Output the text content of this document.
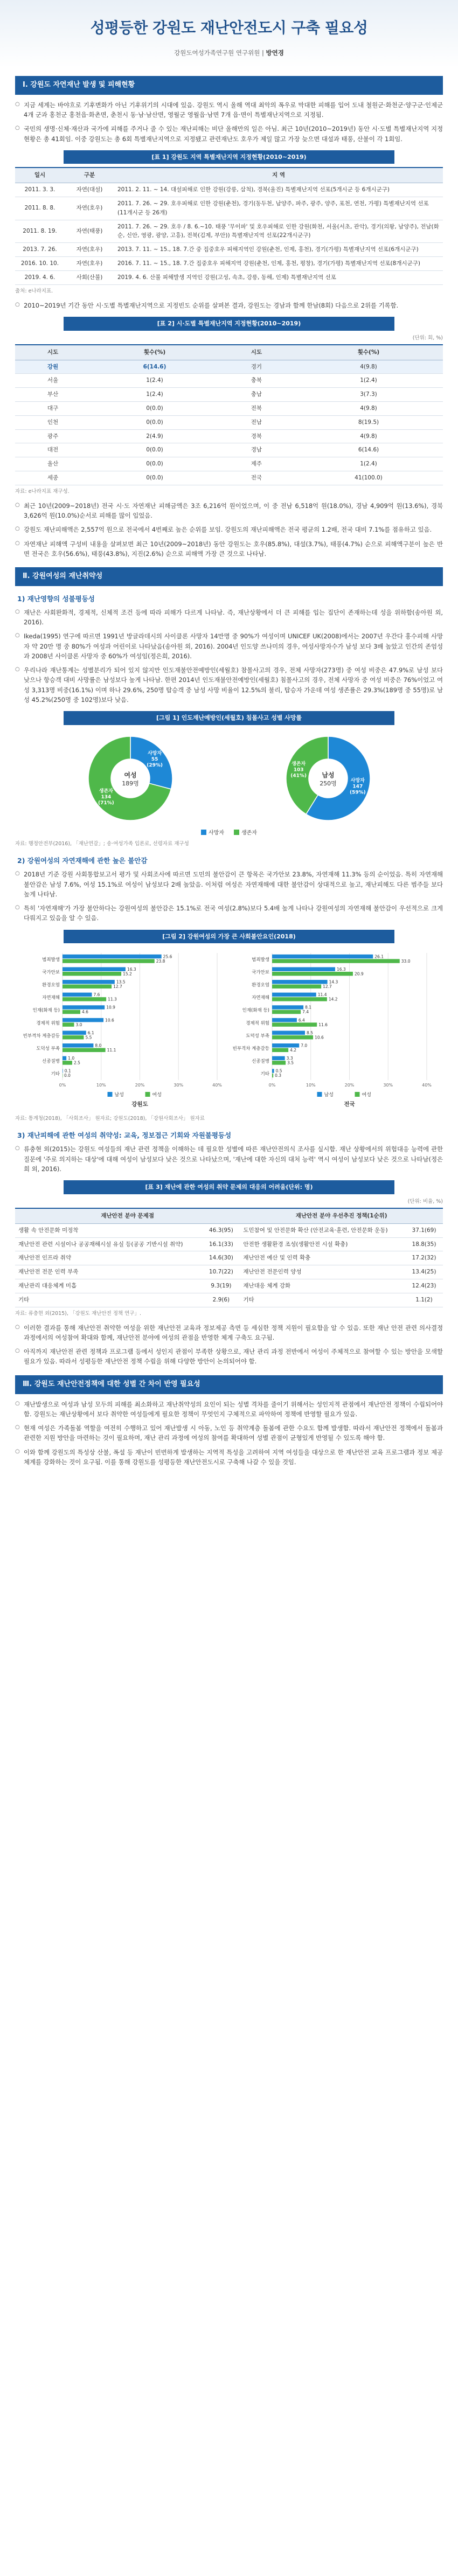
성평등한 강원도 재난안전도시 구축 필요성
강원도여성가족연구원 연구위원 | 방연경
Ⅰ. 강원도 자연재난 발생 및 피해현황
○ 지금 세계는 바야흐로 기후변화가 아닌 기후위기의 시대에 있음. 강원도 역시 올해 역대 최악의 폭우로 막대한 피해를 입어 도내 철원군·화천군·양구군·인제군 4개 군과 홍천군 홍천읍·화촌면, 춘천시 동·남·남산면, 영월군 영월읍·남면 7개 읍·면이 특별재난지역으로 지정됨.
○ 국민의 생명·신체·재산과 국가에 피해를 주거나 줄 수 있는 재난피해는 비단 올해만의 일은 아님. 최근 10년(2010~2019년) 동안 시·도별 특별재난지역 지정현황은 총 41회임. 이중 강원도는 총 6회 특별재난지역으로 지정됐고 관련재난도 호우가 제일 많고 가장 늦으면 대설과 태풍, 산불이 각 1회임.
[표 1] 강원도 지역 특별재난지역 지정현황(2010~2019)
일시	구분	지 역
2011. 3. 3.	자연(대설)	2011. 2. 11. ~ 14. 대설피해로 인한 강원(강릉, 삼척), 경북(울진) 특별재난지역 선포(5개시군 등 6개시군구)
2011. 8. 8.	자연(호우)	2011. 7. 26. ~ 29. 호우피해로 인한 강원(춘천), 경기(동두천, 남양주, 파주, 광주, 양주, 포천, 연천, 가평) 특별재난지역 선포 (11개시군 등 26개)
2011. 8. 19.	자연(태풍)	2011. 7. 26. ~ 29. 호우 / 8. 6.~10. 태풍 '무이파' 및 호우피해로 인한 강원(화천, 서울(서초, 관악), 경기(의왕, 남양주), 전남(화순, 신안, 영광, 광양, 고흥), 전북(김제, 부안)) 특별재난지역 선포(22개시군구)
2013. 7. 26.	자연(호우)	2013. 7. 11. ~ 15., 18. 7.간 중 집중호우 피해지역인 강원(춘천, 인제, 홍천), 경기(가평) 특별재난지역 선포(6개시군구)
2016. 10. 10.	자연(호우)	2016. 7. 11. ~ 15., 18. 7.간 집중호우 피해지역 강원(춘천, 인제, 홍천, 평창), 경기(가평) 특별재난지역 선포(8개시군구)
2019. 4. 6.	사회(산불)	2019. 4. 6. 산불 피해발생 지역인 강원(고성, 속초, 강릉, 동해, 인제) 특별재난지역 선포
출처: e나라지표.
○ 2010~2019년 기간 동안 시·도별 특별재난지역으로 지정빈도 순위를 살펴본 결과, 강원도는 경남과 함께 한남(8회) 다음으로 2위를 기록함.
[표 2] 시·도별 특별재난지역 지정현황(2010~2019)
(단위: 회, %)
시도	횟수(%)	시도	횟수(%)
강원	6(14.6)	경기	4(9.8)
서울	1(2.4)	충북	1(2.4)
부산	1(2.4)	충남	3(7.3)
대구	0(0.0)	전북	4(9.8)
인천	0(0.0)	전남	8(19.5)
광주	2(4.9)	경북	4(9.8)
대전	0(0.0)	경남	6(14.6)
울산	0(0.0)	제주	1(2.4)
세종	0(0.0)	전국	41(100.0)
자료: e나라지표 재구성.
○ 최근 10년(2009~2018년) 전국 시·도 자연재난 피해금액은 3조 6,216억 원이었으며, 이 중 전남 6,518억 원(18.0%), 경남 4,909억 원(13.6%), 경북 3,626억 원(10.0%)순서로 피해를 많이 입었음.
○ 강원도 재난피해액은 2,557억 원으로 전국에서 4번째로 높은 순위를 보임. 강원도의 재난피해액은 전국 평균의 1.2배, 전국 대비 7.1%를 점유하고 있음.
○ 자연재난 피해액 구성비 내용을 살펴보면 최근 10년(2009~2018년) 동안 강원도는 호우(85.8%), 대설(3.7%), 태풍(4.7%) 순으로 피해액구분이 높은 반면 전국은 호우(56.6%), 태풍(43.8%), 지진(2.6%) 순으로 피해액 가장 큰 것으로 나타남.
Ⅱ. 강원여성의 재난취약성
1) 재난영향의 성불평등성
○ 재난은 사회완화적, 경제적, 신체적 조건 등에 따라 피해가 다르게 나타남. 즉, 재난상황에서 더 큰 피해를 입는 집단이 존재하는데 성을 위하함(송아원 외, 2016).
○ Ikeda(1995) 연구에 따르면 1991년 방글라데시의 사이클론 사망자 14만명 중 90%가 여성이며 UNICEF UK(2008)에서는 2007년 우간다 홍수피해 사망자 약 20만 명 중 80%가 여성과 어린이로 나타났음(송아원 외, 2016). 2004년 인도양 쓰나미의 경우, 여성사망자수가 남성 보다 3배 높았고 인간의 존엄성과 2008년 사이클론 사망자 중 60%가 여성임(정은희, 2016).
○ 우리나라 재난통계는 성별분리가 되어 있지 않지만 인도재불안전예방인(세월호) 참몰사고의 경우, 전체 사망자(273명) 중 여성 비중은 47.9%로 남성 보다 낮으나 항승객 대비 사망률은 남성보다 높게 나타남. 한편 2014년 인도재불안전예방인(세월호) 침몰사고의 경우, 전체 사망자 중 여성 비중은 76%이었고 여성 3,313명 비중(16.1%) 이며 하나 29.6%, 250명 탑승객 중 남성 사망 비율이 12.5%의 불리, 탑승자 가운데 여성 생존률은 29.3%(189명 중 55명)로 남성 45.2%(250명 중 102명)보다 낮음.
[그림 1] 인도재난예방인(세월호) 침몰사고 성별 사망률
사망자
55
(29%)
생존자
134
(71%)
여성
189명	사망자
147
(59%)
생존자
103
(41%) 남성
250명
사망자	생존자
자료: 행정안전부(2016), 「재난연감」; 송·여성가족 입론로, 선령자료 재구성
2) 강원여성의 자연재해에 관한 높은 불안감
○ 2018년 기준 강원 사회통합보고서 평가 및 사회조사에 따르면 도민의 불안감이 큰 항목은 국가안보 23.8%, 자연재해 11.3% 등의 순이었음. 특히 자연재해 불안감은 남성 7.6%, 여성 15.1%로 여성이 남성보다 2배 높았음. 이처럼 여성은 자연재해에 대한 불안감이 상대적으로 높고, 재난피해도 다른 범주들 보다 높게 나타남.
○ 특히 '자연재해'가 가장 불안하다는 강원여성의 불안감은 15.1%로 전국 여성(2.8%)보다 5.4배 높게 나타나 강원여성의 자연재해 불안감이 우선적으로 크게 다뤄지고 있음을 알 수 있음.
[그림 2] 강원여성의 가장 큰 사회불안요인(2018)
0%	10%	20%	30%	40%
범죄발생
25.6
23.8
국가안보
16.3
15.2
환경오염
13.5
12.7
자연재해
7.6
11.3
인재(화재 등)
10.9
4.6
경제적 위험
10.6
3.0
빈부격차 계층갈등
6.1
5.5
도덕성 부족
8.0
11.1
신종질병
1.0
2.5
기타
0.1
0.0
남성	여성
강원도
0%	10%	20%	30%	40%
범죄발생
26.1
33.0
국가안보
16.3
20.9
환경오염
14.3
12.7
자연재해
11.4
14.2
인재(화재 등)
8.1
7.4
경제적 위험
6.4
11.6
도덕성 부족
8.5
10.6
빈부격차 계층갈등
7.0
4.2
신종질병
3.3
3.5
기타
0.5
0.3
남성	여성
전국
자료: 통계청(2018), 「사회조사」 원자료; 강원도(2018), 「강원사회조사」 원자료
3) 재난피해에 관한 여성의 취약성: 교육, 정보접근 기회와 자원불평등성
○ 류충현 외(2015)는 강원도 여성들의 재난 관련 정책을 이해하는 데 필요한 성별에 따른 재난안전의식 조사를 실시함. 재난 상황에서의 위험대응 능력에 관한 질문에 '주로 의지하는 대상'에 대해 여성이 남성보다 낮은 것으로 나타났으며, '재난에 대한 자신의 대처 능력' 역시 여성이 남성보다 낮은 것으로 나타남(정은희 외, 2016).
[표 3] 재난에 관한 여성의 취약 문제의 대응의 어려움(단위: 명)
(단위: 비율, %)
재난안전 분야 문제점		재난안전 분야 우선추진 정책(1순위)	
생활 속 안전문화 미정착	46.3(95)	도민참여 및 안전문화 확산 (안전교육·훈련, 안전문화 운동)	37.1(69)
재난안전 관련 시설이나 공공재해시설 유실 등(공공 기반시설 취약)	16.1(33)	안전한 생활환경 조성(생활안전 시설 확충)	18.8(35)
재난안전 인프라 취약	14.6(30)	재난안전 예산 및 인력 확충	17.2(32)
재난안전 전문 인력 부족	10.7(22)	재난안전 전문인력 양성	13.4(25)
재난관리 대응체계 미흡	9.3(19)	재난대응 체계 강화	12.4(23)
기타	2.9(6)	기타	1.1(2)
자료: 류충현 외(2015), 「강원도 재난안전 정책 연구」.
○ 이러한 결과를 통해 재난안전 취약한 여성을 위한 재난안전 교육과 정보제공 측면 등 세심한 정책 지원이 필요함을 알 수 있음. 또한 재난 안전 관련 의사결정 과정에서의 여성참여 확대와 함께, 재난안전 분야에 여성의 관점을 반영한 체계 구축도 요구됨.
○ 아직까지 재난안전 관련 정책과 프로그램 등에서 성인지 관점이 부족한 상황으로, 재난 관리 과정 전반에서 여성이 주체적으로 참여할 수 있는 방안을 모색할 필요가 있음. 따라서 성평등한 재난안전 정책 수립을 위해 다양한 방안이 논의되어야 함.
Ⅲ. 강원도 재난안전정책에 대한 성별 간 차이 반영 필요성
○ 재난발생으로 여성과 남성 모두의 피해를 최소화하고 재난취약성의 요인이 되는 성별 격차를 줄이기 위해서는 성인지적 관점에서 재난안전 정책이 수립되어야 함. 강원도는 재난상황에서 보다 취약한 여성들에게 필요한 정책이 무엇인지 구체적으로 파악하여 정책에 반영할 필요가 있음.
○ 현재 여성은 가족돌봄 역할을 여전히 수행하고 있어 재난발생 시 아동, 노인 등 취약계층 돌봄에 관한 수요도 함께 발생함. 따라서 재난안전 정책에서 돌봄과 관련한 지원 방안을 마련하는 것이 필요하며, 재난 관리 과정에 여성의 참여를 확대하여 성별 관점이 균형있게 반영될 수 있도록 해야 함.
○ 이와 함께 강원도의 특성상 산불, 폭설 등 재난이 빈번하게 발생하는 지역적 특성을 고려하여 지역 여성들을 대상으로 한 재난안전 교육 프로그램과 정보 제공 체계를 강화하는 것이 요구됨. 이를 통해 강원도를 성평등한 재난안전도시로 구축해 나갈 수 있을 것임.
